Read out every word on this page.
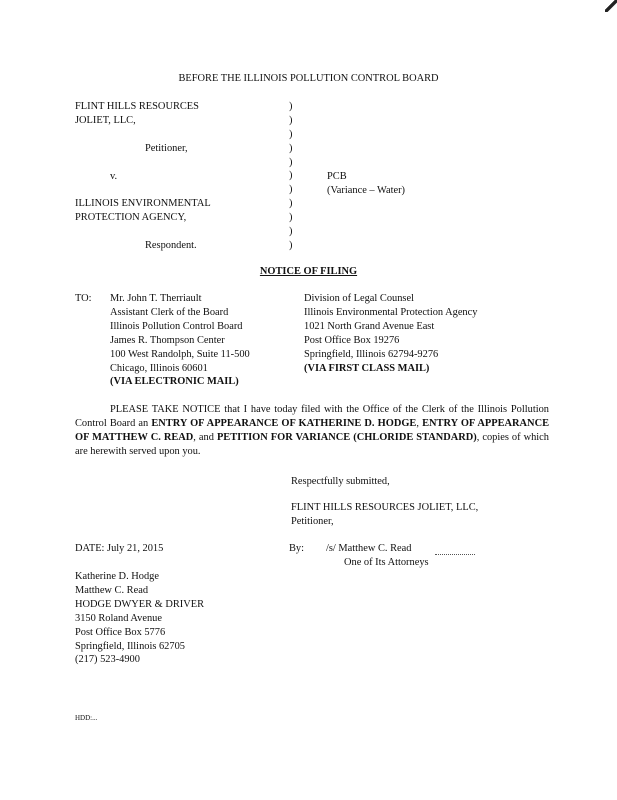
BEFORE THE ILLINOIS POLLUTION CONTROL BOARD
FLINT HILLS RESOURCES
JOLIET, LLC,
Petitioner,
v.
ILLINOIS ENVIRONMENTAL
PROTECTION AGENCY,
Respondent.
)
)
)
)
)
)
)
)
)
)
)
PCB
(Variance – Water)
NOTICE OF FILING
TO: Mr. John T. Therriault
Assistant Clerk of the Board
Illinois Pollution Control Board
James R. Thompson Center
100 West Randolph, Suite 11-500
Chicago, Illinois 60601
(VIA ELECTRONIC MAIL)
Division of Legal Counsel
Illinois Environmental Protection Agency
1021 North Grand Avenue East
Post Office Box 19276
Springfield, Illinois 62794-9276
(VIA FIRST CLASS MAIL)
PLEASE TAKE NOTICE that I have today filed with the Office of the Clerk of the Illinois Pollution Control Board an ENTRY OF APPEARANCE OF KATHERINE D. HODGE, ENTRY OF APPEARANCE OF MATTHEW C. READ, and PETITION FOR VARIANCE (CHLORIDE STANDARD), copies of which are herewith served upon you.
Respectfully submitted,
FLINT HILLS RESOURCES JOLIET, LLC,
Petitioner,
DATE: July 21, 2015	By: /s/ Matthew C. Read
One of Its Attorneys
Katherine D. Hodge
Matthew C. Read
HODGE DWYER & DRIVER
3150 Roland Avenue
Post Office Box 5776
Springfield, Illinois 62705
(217) 523-4900
HDD:...
